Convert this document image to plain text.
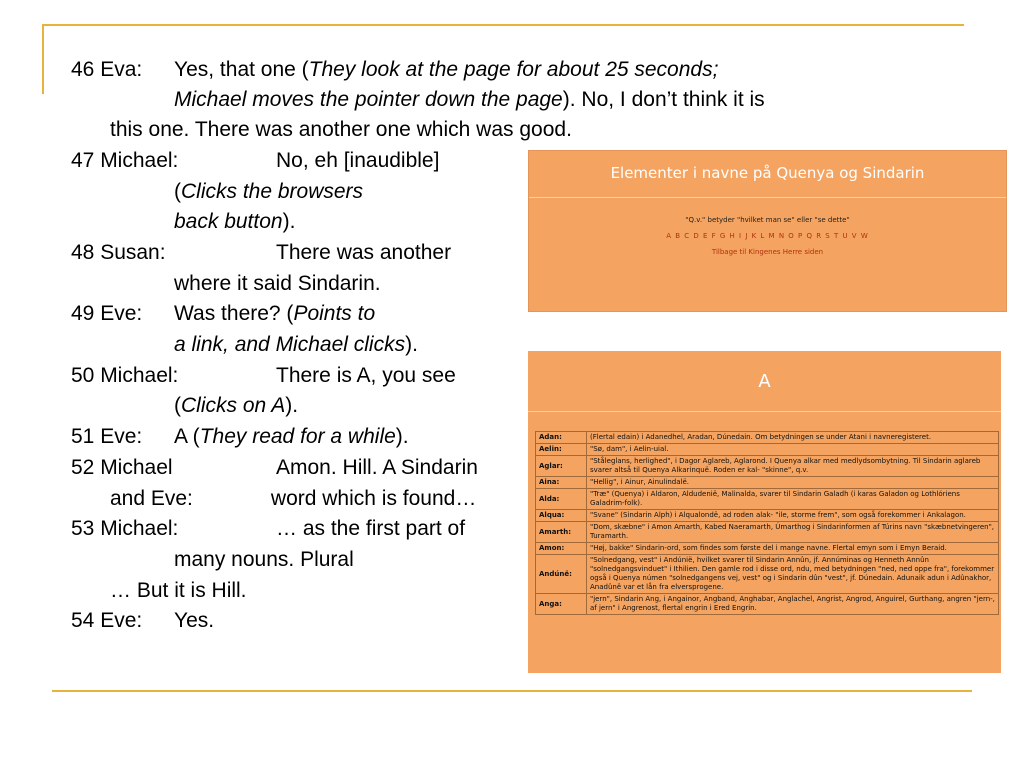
46 Eva: Yes, that one (They look at the page for about 25 seconds;
Michael moves the pointer down the page). No, I don’t think it is
this one. There was another one which was good.
47 Michael:	No, eh [inaudible]
(Clicks the browsers
back button).
48 Susan:	There was another
where it said Sindarin.
49 Eve: Was there? (Points to
a link, and Michael clicks).
50 Michael:	There is A, you see
(Clicks on A).
51 Eve: A (They read for a while).
52 Michael	Amon. Hill. A Sindarin
and Eve:	word which is found…
53 Michael:	… as the first part of
many nouns. Plural
… But it is Hill.
54 Eve: Yes.
Elementer i navne på Quenya og Sindarin
"Q.v." betyder "hvilket man se" eller "se dette"
A B C D E F G H I J K L M N O P Q R S T U V W
Tilbage til Kingenes Herre siden
A
Adan:	(Flertal edain) i Adanedhel, Aradan, Dúnedain. Om betydningen se under Atani i navneregisteret.
Aelin:	"Sø, dam", i Aelin-uial.
Aglar:	"Ståleglans, herlighed", i Dagor Aglareb, Aglarond. I Quenya alkar med medlydsombytning. Til Sindarin aglareb svarer altså til Quenya Alkarinquë. Roden er kal- "skinne", q.v.
Aina:	"Hellig", i Ainur, Ainulindalë.
Alda:	"Træ" (Quenya) i Aldaron, Aldudenië, Malinalda, svarer til Sindarin Galadh (i karas Galadon og Lothlóriens Galadrim-folk).
Alqua:	"Svane" (Sindarin Alph) i Alqualondë, ad roden alak- "ile, storme frem", som også forekommer i Ankalagon.
Amarth:	"Dom, skæbne" i Amon Amarth, Kabed Naeramarth, Úmarthog i Sindarinformen af Túrins navn "skæbnetvingeren", Turamarth.
Amon:	"Høj, bakke" Sindarin-ord, som findes som første del i mange navne. Flertal emyn som i Emyn Beraid.
Andúnë:	"Solnedgang, vest" i Andúnië, hvilket svarer til Sindarin Annûn, jf. Annúminas og Henneth Annûn "solnedgangsvinduet" i Ithilien. Den gamle rod i disse ord, ndu, med betydningen "ned, ned oppe fra", forekommer også i Quenya númen "solnedgangens vej, vest" og i Sindarin dûn "vest", jf. Dúnedain. Adunaik adun i Adûnakhor, Anadûnê var et lån fra elversprogene.
Anga:	"jern", Sindarin Ang, i Angainor, Angband, Anghabar, Anglachel, Angrist, Angrod, Anguirel, Gurthang, angren "jern-, af jern" i Angrenost, flertal engrin i Ered Engrin.
